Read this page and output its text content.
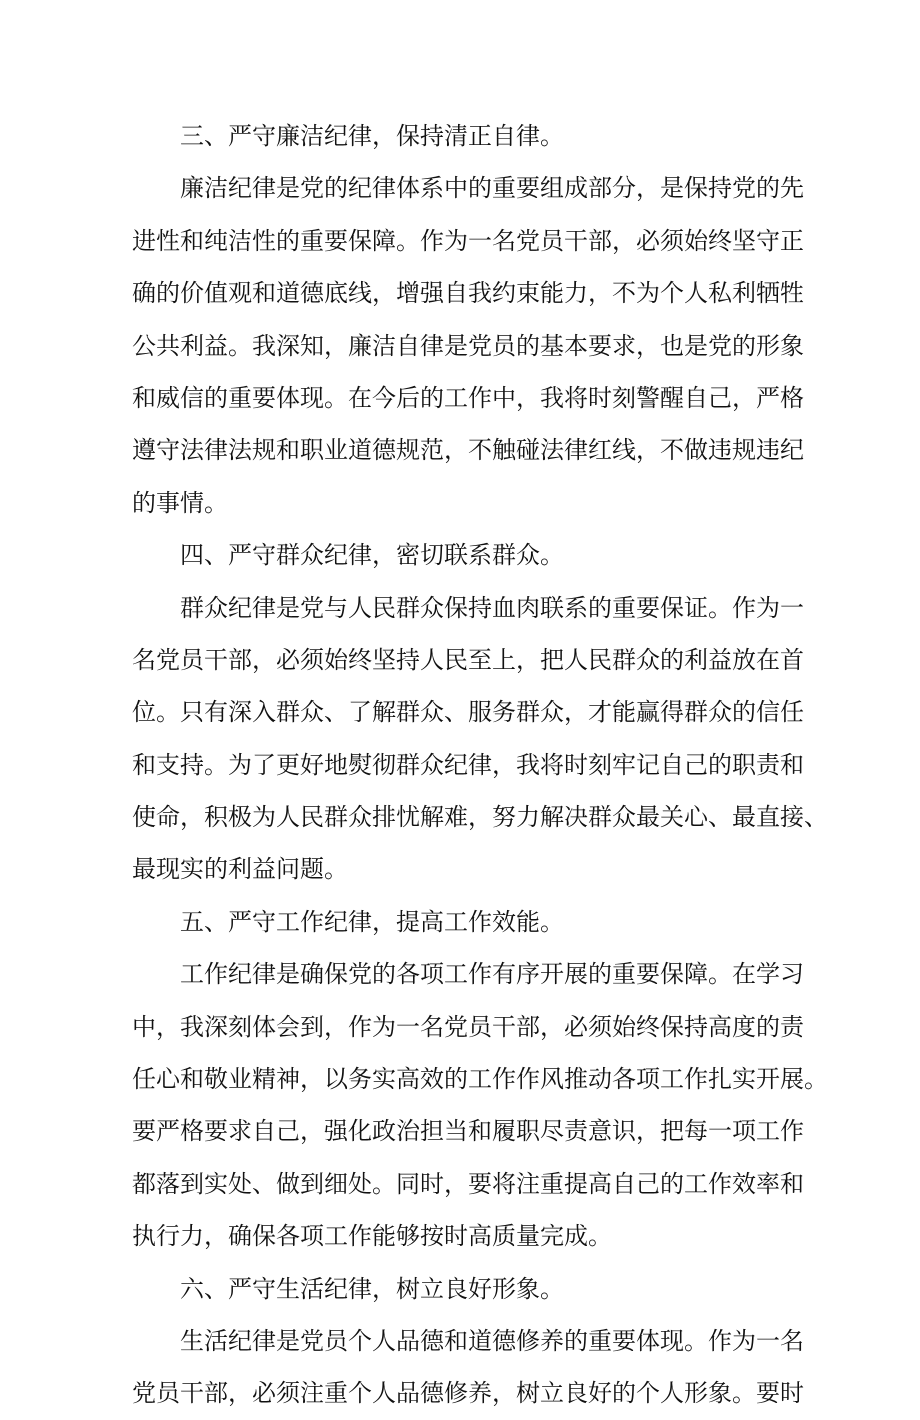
三、严守廉洁纪律，保持清正自律。
廉洁纪律是党的纪律体系中的重要组成部分，是保持党的先
进性和纯洁性的重要保障。作为一名党员干部，必须始终坚守正
确的价值观和道德底线，增强自我约束能力，不为个人私利牺牲
公共利益。我深知，廉洁自律是党员的基本要求，也是党的形象
和威信的重要体现。在今后的工作中，我将时刻警醒自己，严格
遵守法律法规和职业道德规范，不触碰法律红线，不做违规违纪
的事情。
四、严守群众纪律，密切联系群众。
群众纪律是党与人民群众保持血肉联系的重要保证。作为一
名党员干部，必须始终坚持人民至上，把人民群众的利益放在首
位。只有深入群众、了解群众、服务群众，才能赢得群众的信任
和支持。为了更好地熨彻群众纪律，我将时刻牢记自己的职责和
使命，积极为人民群众排忧解难，努力解决群众最关心、最直接、
最现实的利益问题。
五、严守工作纪律，提高工作效能。
工作纪律是确保党的各项工作有序开展的重要保障。在学习
中，我深刻体会到，作为一名党员干部，必须始终保持高度的责
任心和敬业精神，以务实高效的工作作风推动各项工作扎实开展。
要严格要求自己，强化政治担当和履职尽责意识，把每一项工作
都落到实处、做到细处。同时，要将注重提高自己的工作效率和
执行力，确保各项工作能够按时高质量完成。
六、严守生活纪律，树立良好形象。
生活纪律是党员个人品德和道德修养的重要体现。作为一名
党员干部，必须注重个人品德修养，树立良好的个人形象。要时
